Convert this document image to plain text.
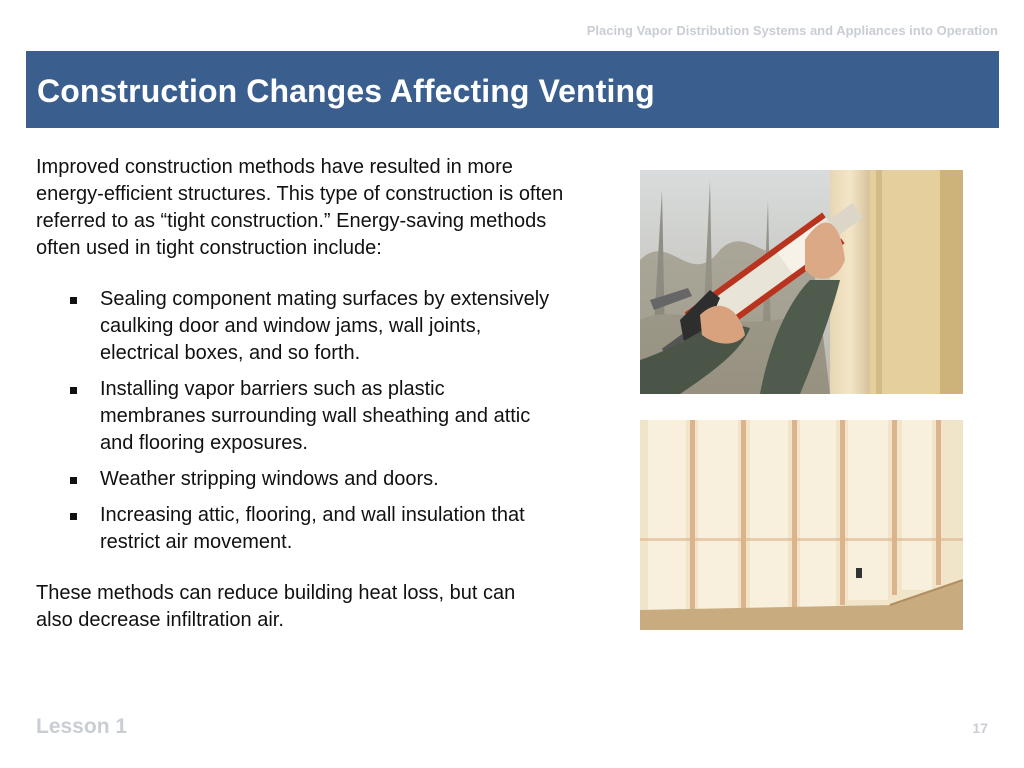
Placing Vapor Distribution Systems and Appliances into Operation
Construction Changes Affecting Venting

Improved construction methods have resulted in more energy-efficient structures. This type of construction is often referred to as “tight construction.” Energy-saving methods often used in tight construction include:

Sealing component mating surfaces by extensively caulking door and window jams, wall joints, electrical boxes, and so forth.
Installing vapor barriers such as plastic membranes surrounding wall sheathing and attic and flooring exposures.
Weather stripping windows and doors.
Increasing attic, flooring, and wall insulation that restrict air movement.

These methods can reduce building heat loss, but can also decrease infiltration air.

Lesson 1	17
